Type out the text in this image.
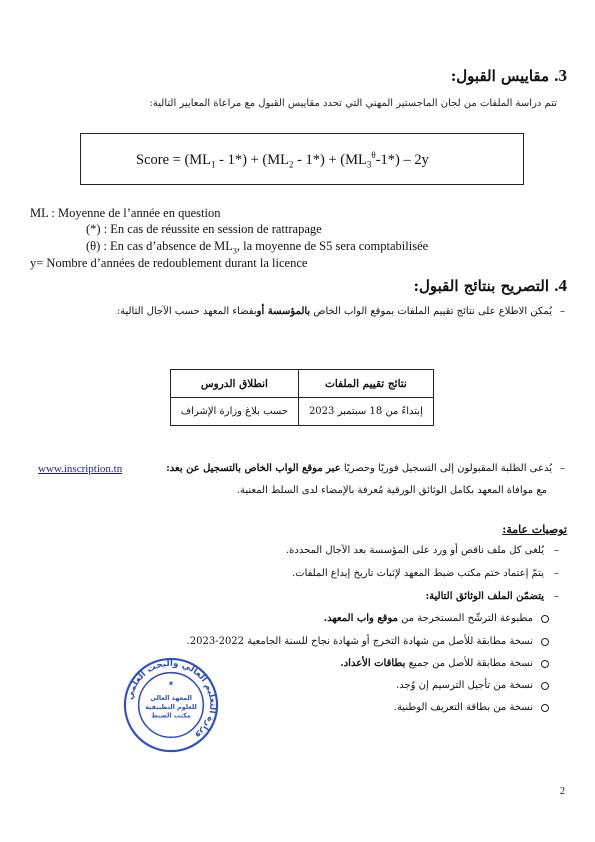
3. مقاييس القبول:
تتم دراسة الملفات من لجان الماجستير المهني التي تحدد مقاييس القبول مع مراعاة المعايير التالية:
Score = $(ML_1 - 1*) + (ML_2 - 1*) + (ML_3^\theta-1*) - 2y$
ML : Moyenne de l’année en question
(*) : En cas de réussite en session de rattrapage
(θ) : En cas d’absence de $ML_3$, la moyenne de S5 sera comptabilisée
y= Nombre d’années de redoublement durant la licence
4. التصريح بنتائج القبول:
–يُمكن الاطلاع على نتائج تقييم الملفات بموقع الواب الخاص بالمؤسسة أوبفضاء المعهد حسب الآجال التالية:
انطلاق الدروس	نتائج تقييم الملفات
حسب بلاغ وزارة الإشراف	إبتداءً من 18 سبتمبر 2023
–يُدعى الطلبة المقبولون إلى التسجيل فوريًا وحصريًا عبر موقع الواب الخاص بالتسجيل عن بعد:
www.inscription.tn
مع موافاة المعهد بكامل الوثائق الورقية مُعرفة بالإمضاء لدى السلط المعنية.
توصيات عامة:
–يُلغى كل ملف ناقص أو ورد على المؤسسة بعد الآجال المحددة.
–يتمّ إعتماد ختم مكتب ضبط المعهد لإثبات تاريخ إيداع الملفات.
–يتضمّن الملف الوثائق التالية:
مطبوعة الترشّح المستخرجة من موقع واب المعهد.
نسخة مطابقة للأصل من شهادة التخرج أو شهادة نجاح للسنة الجامعية 2022-2023.
نسخة مطابقة للأصل من جميع بطاقات الأعداد.
نسخة من تأجيل الترسيم إن وُجد.
نسخة من بطاقة التعريف الوطنية.
وزارة التعليم العالي والبحث العلمي
المعهد العالي
للعلوم التطبيقية
مكتب الضبط
★
2
